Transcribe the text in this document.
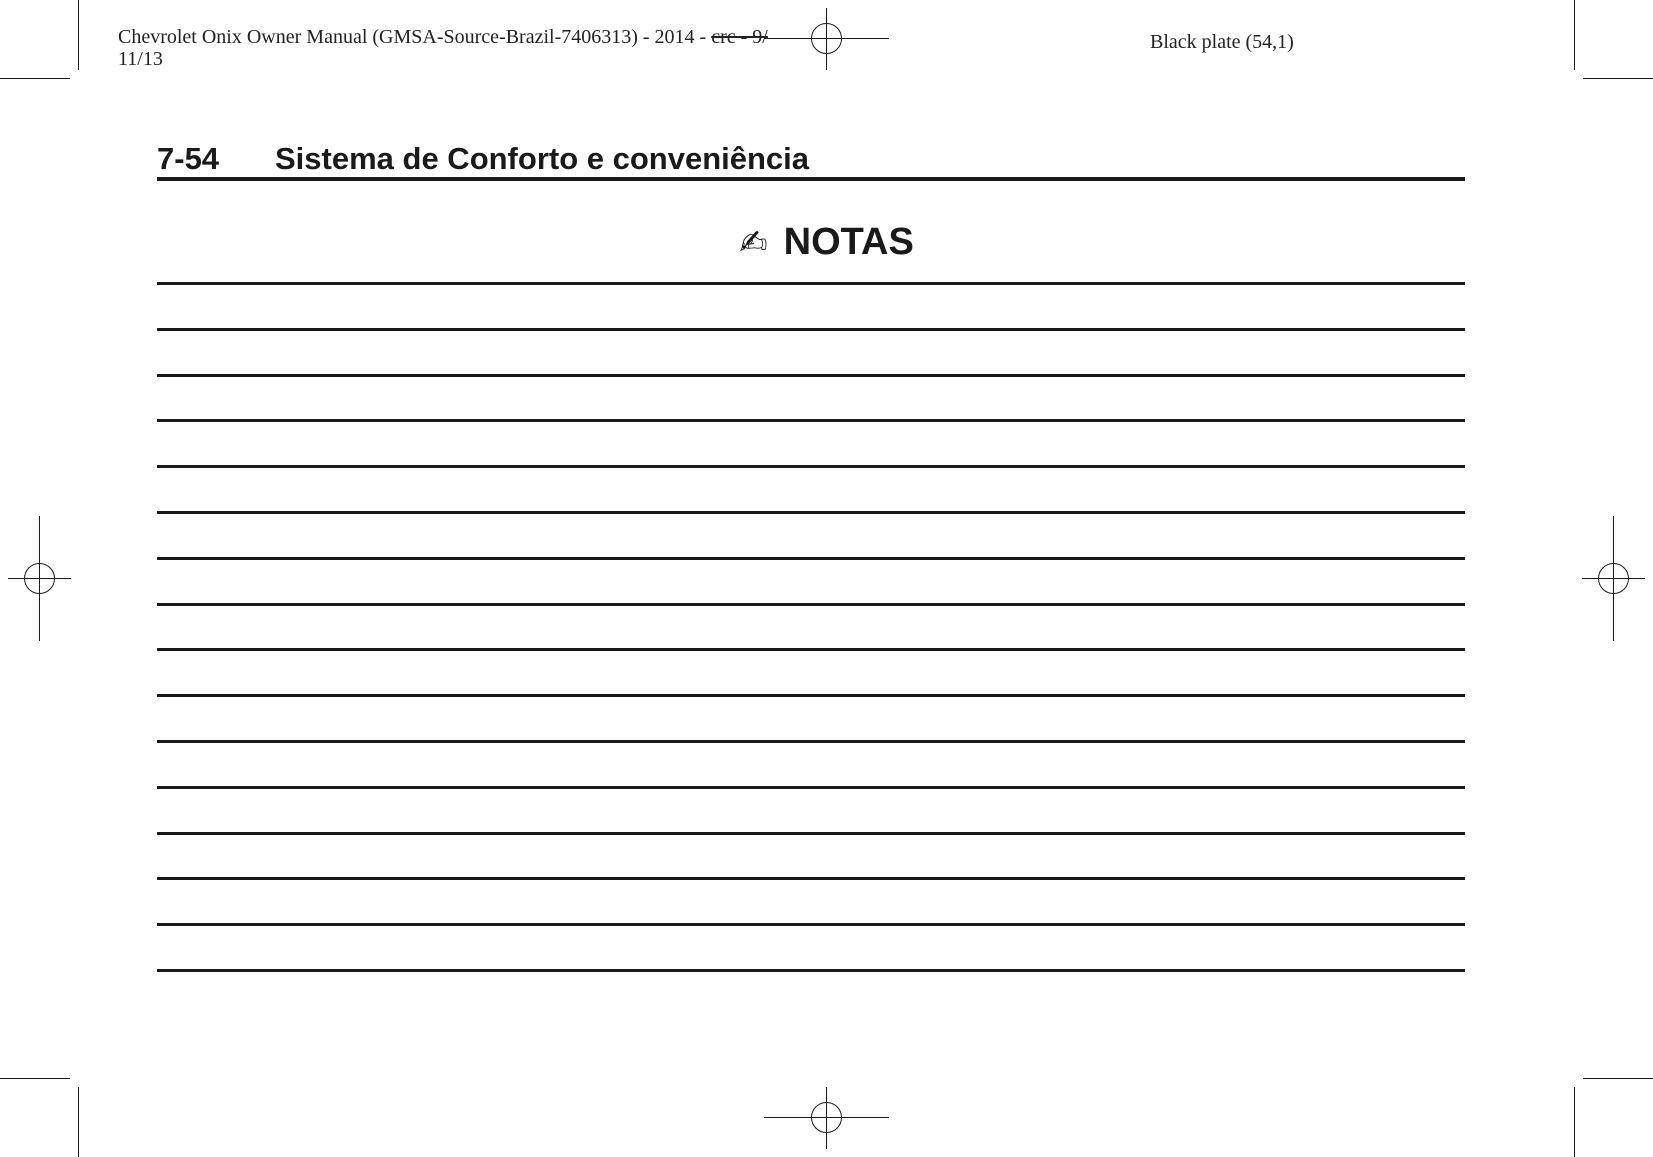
Chevrolet Onix Owner Manual (GMSA-Source-Brazil-7406313) - 2014 - crc - 9/
11/13
Black plate (54,1)
7-54 Sistema de Conforto e conveniência
✍ NOTAS
